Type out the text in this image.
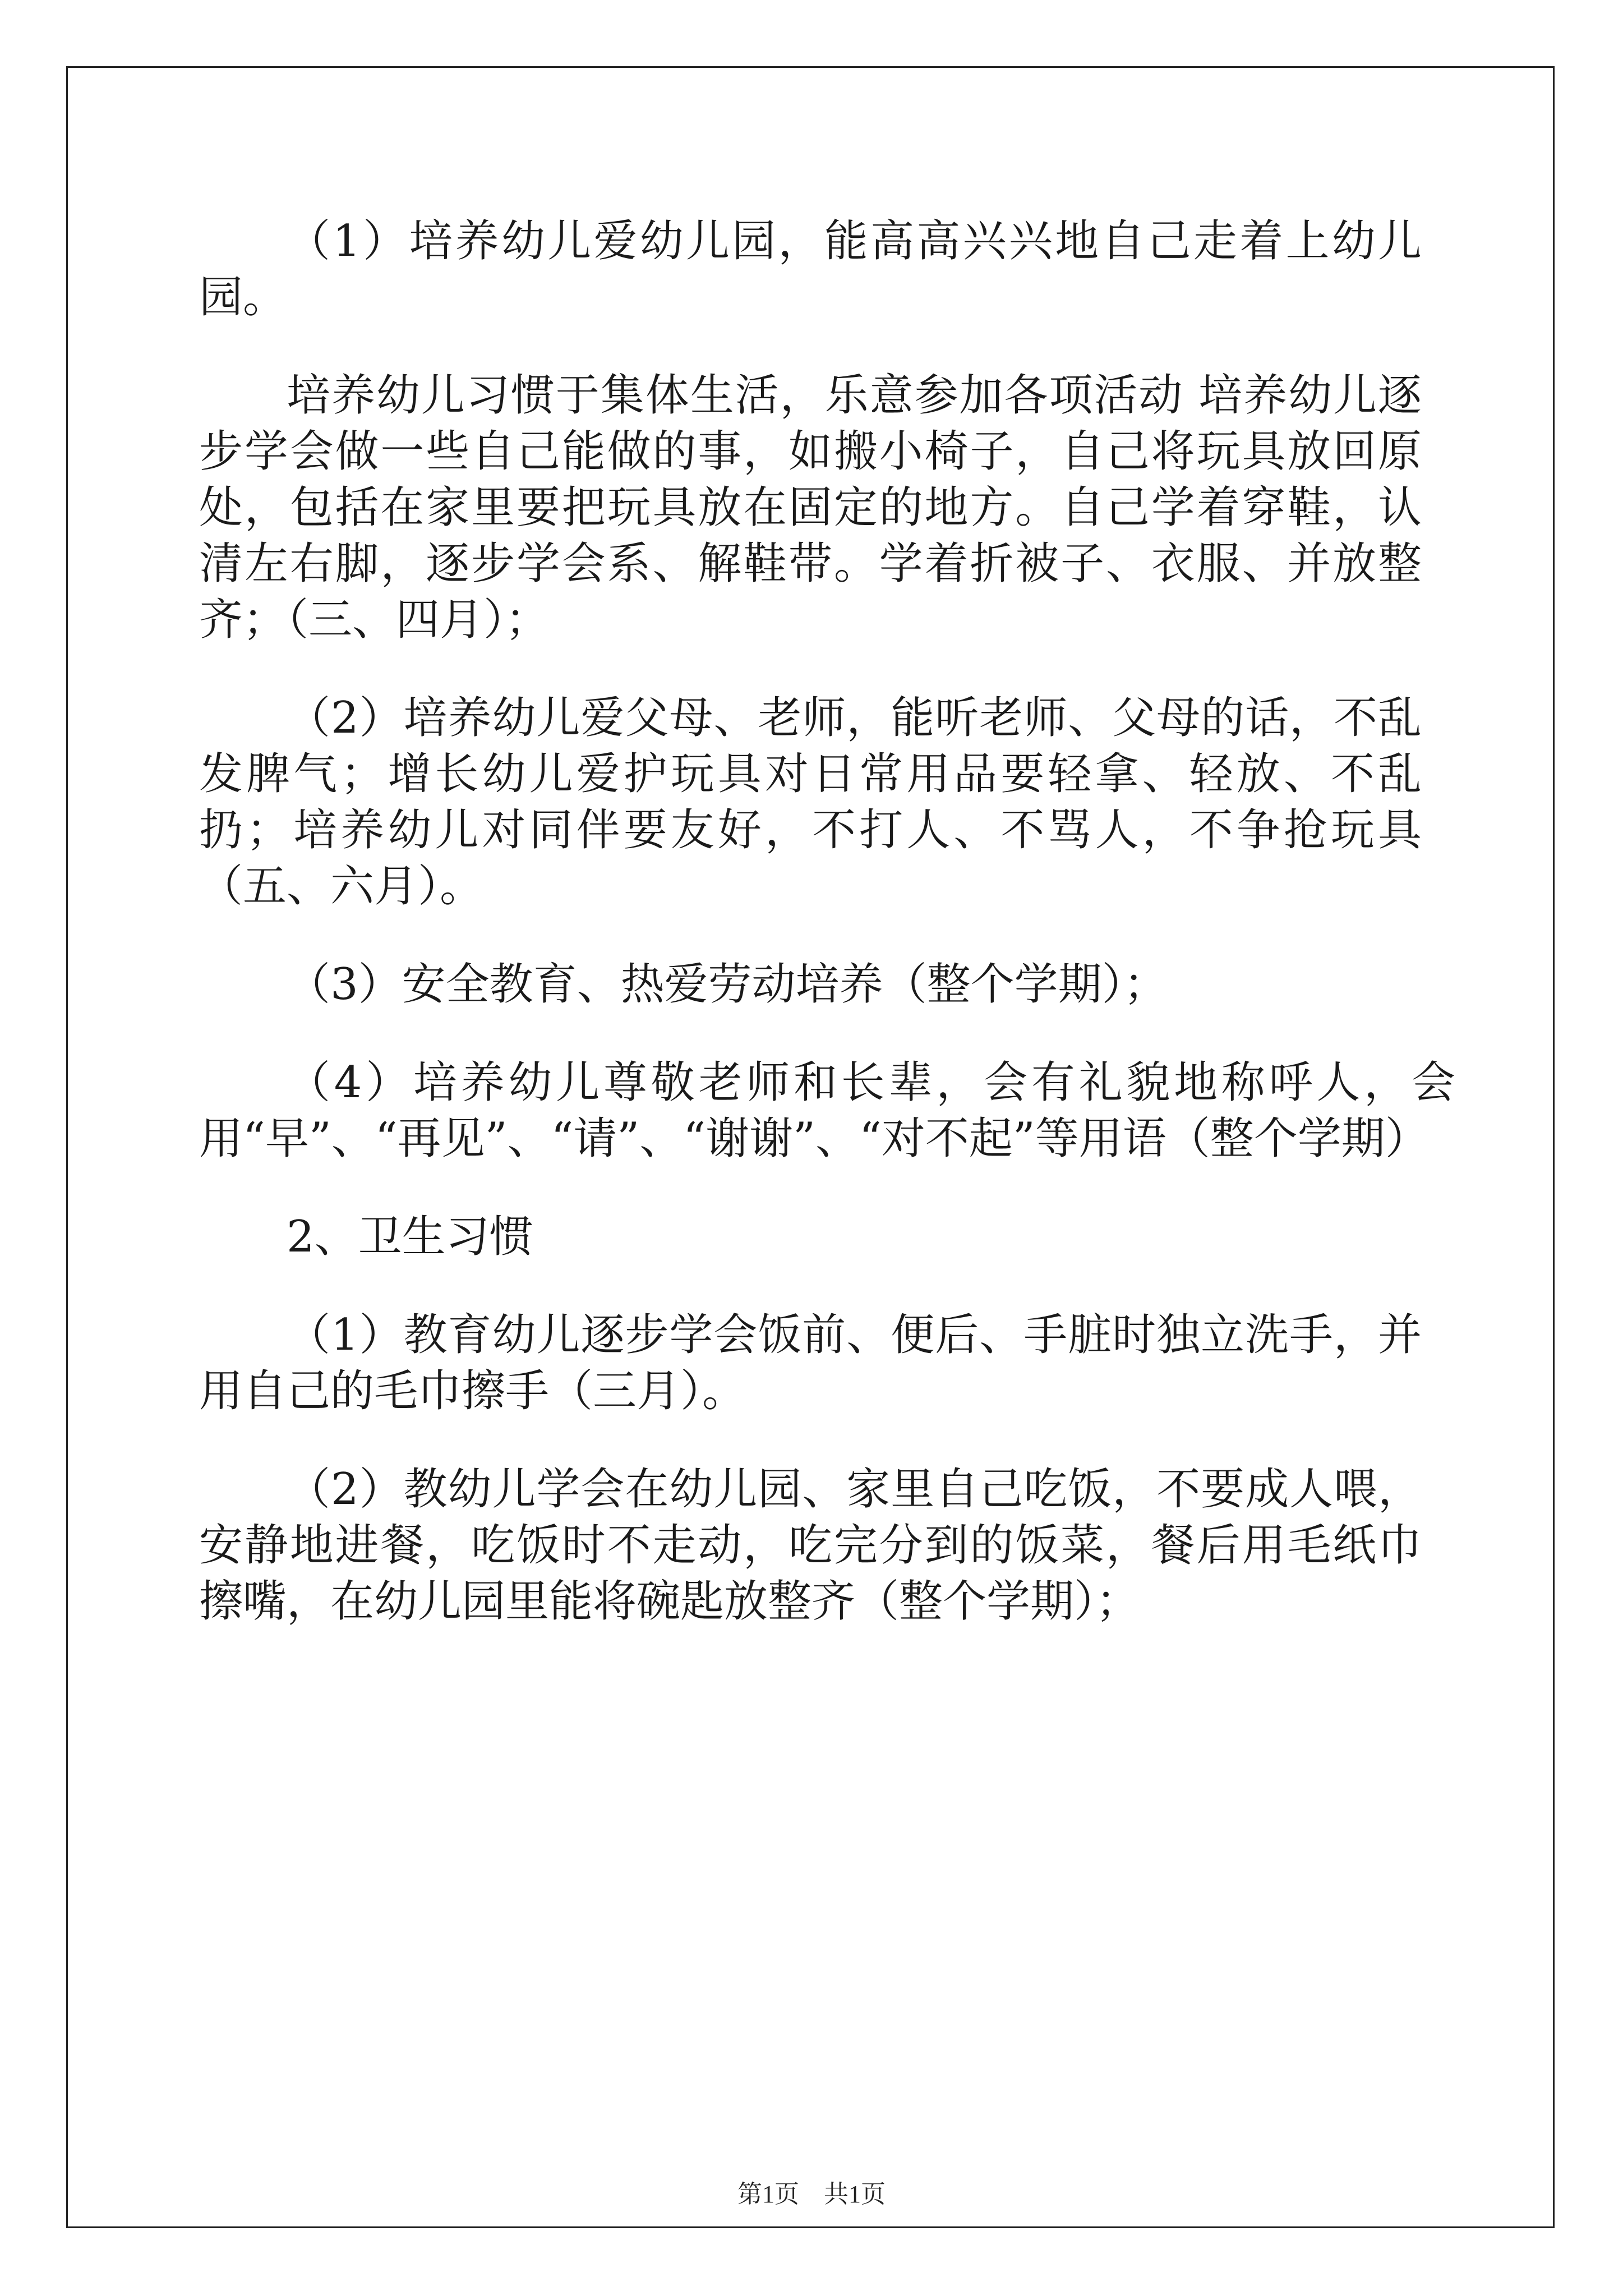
（1）培养幼儿爱幼儿园，能高高兴兴地自己走着上幼儿园。

培养幼儿习惯于集体生活，乐意参加各项活动 培养幼儿逐步学会做一些自己能做的事，如搬小椅子，自己将玩具放回原处，包括在家里要把玩具放在固定的地方。自己学着穿鞋，认清左右脚，逐步学会系、解鞋带。学着折被子、衣服、并放整齐；（三、四月）；

（2）培养幼儿爱父母、老师，能听老师、父母的话，不乱发脾气；增长幼儿爱护玩具对日常用品要轻拿、轻放、不乱扔；培养幼儿对同伴要友好，不打人、不骂人，不争抢玩具（五、六月）。

（3）安全教育、热爱劳动培养（整个学期）；

（4）培养幼儿尊敬老师和长辈，会有礼貌地称呼人，会用“早”、“再见”、“请”、“谢谢”、“对不起”等用语（整个学期）

2、卫生习惯

（1）教育幼儿逐步学会饭前、便后、手脏时独立洗手，并用自己的毛巾擦手（三月）。

（2）教幼儿学会在幼儿园、家里自己吃饭，不要成人喂，安静地进餐，吃饭时不走动，吃完分到的饭菜，餐后用毛纸巾擦嘴，在幼儿园里能将碗匙放整齐（整个学期）；

第1页　共1页
